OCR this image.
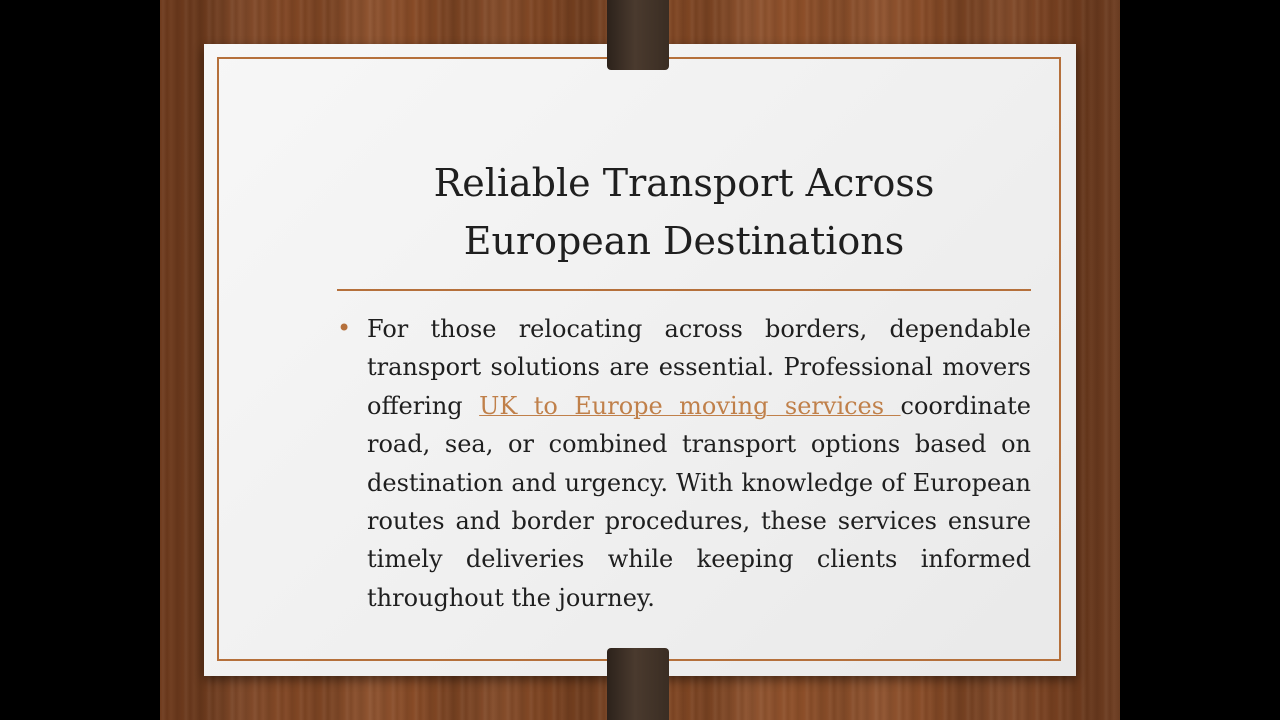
Reliable Transport Across European Destinations
• For those relocating across borders, dependable transport solutions are essential. Professional movers offering UK to Europe moving services coordinate road, sea, or combined transport options based on destination and urgency. With knowledge of European routes and border procedures, these services ensure timely deliveries while keeping clients informed throughout the journey.
